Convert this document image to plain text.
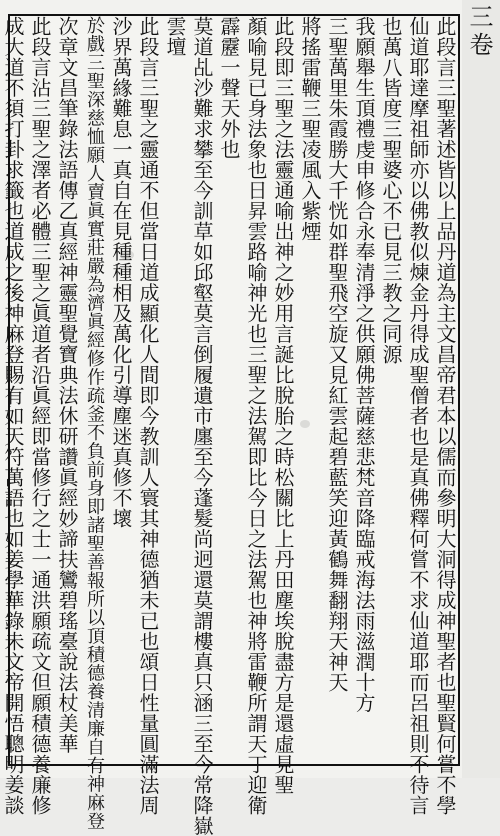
三卷
此段言三聖著述皆以上品丹道為主文昌帝君本以儒而參明大洞得成神聖者也聖賢何嘗不學
仙道耶達摩祖師亦以佛教似煉金丹得成聖僧者也是真佛釋何嘗不求仙道耶而呂祖則不待言
也萬八皆度三聖婆心不已見三教之同源
我願舉生頂禮虔申修合永奉清淨之供願佛菩薩慈悲梵音降臨戒海法雨滋潤十方
三聖萬里朱霞勝大千恍如群聖飛空旋又見紅雲起碧藍笑迎黃鶴舞翻翔天神天
將搖雷鞭三聖凌風入紫煙
此段即三聖之法靈通喻出神之妙用言誕比脫胎之時松關比上丹田塵埃脫盡方是還虛見聖
顏喻見已身法象也日昇雲路喻神光也三聖之法駕即比今日之法駕也神將雷鞭所謂天丁迎衛
霹靂一聲天外也
莫道乩沙難求攀至今訓草如邱壑莫言倒履遺市廛至今蓬髮尚迥還莫謂樓真只涵三至今常降嶽
雲壇
此段言三聖之靈通不但當日道成顯化人間即今教訓人寰其神德猶未已也頌日性量圓滿法周
沙界萬緣難息一真自在見種種相及萬化引導塵迷真修不壞
於戲三聖深慈恤願人賣眞實莊嚴為濟眞經修作疏釜不負前身即諸聖善報所以頂積德養清廉自有神麻登
次章文昌筆錄法語傳乙真經神靈聖覺寶典法休研讚眞經妙諦扶鸞碧瑤臺說法杖美華
此段言沾三聖之澤者必體三聖之眞道者沿眞經即當修行之士一通洪願疏文但願積德養廉修
成大道不須打卦求籤也道成之後神麻登賜有如天符萬語也如姜學華錄未文帝開悟聰明姜談
